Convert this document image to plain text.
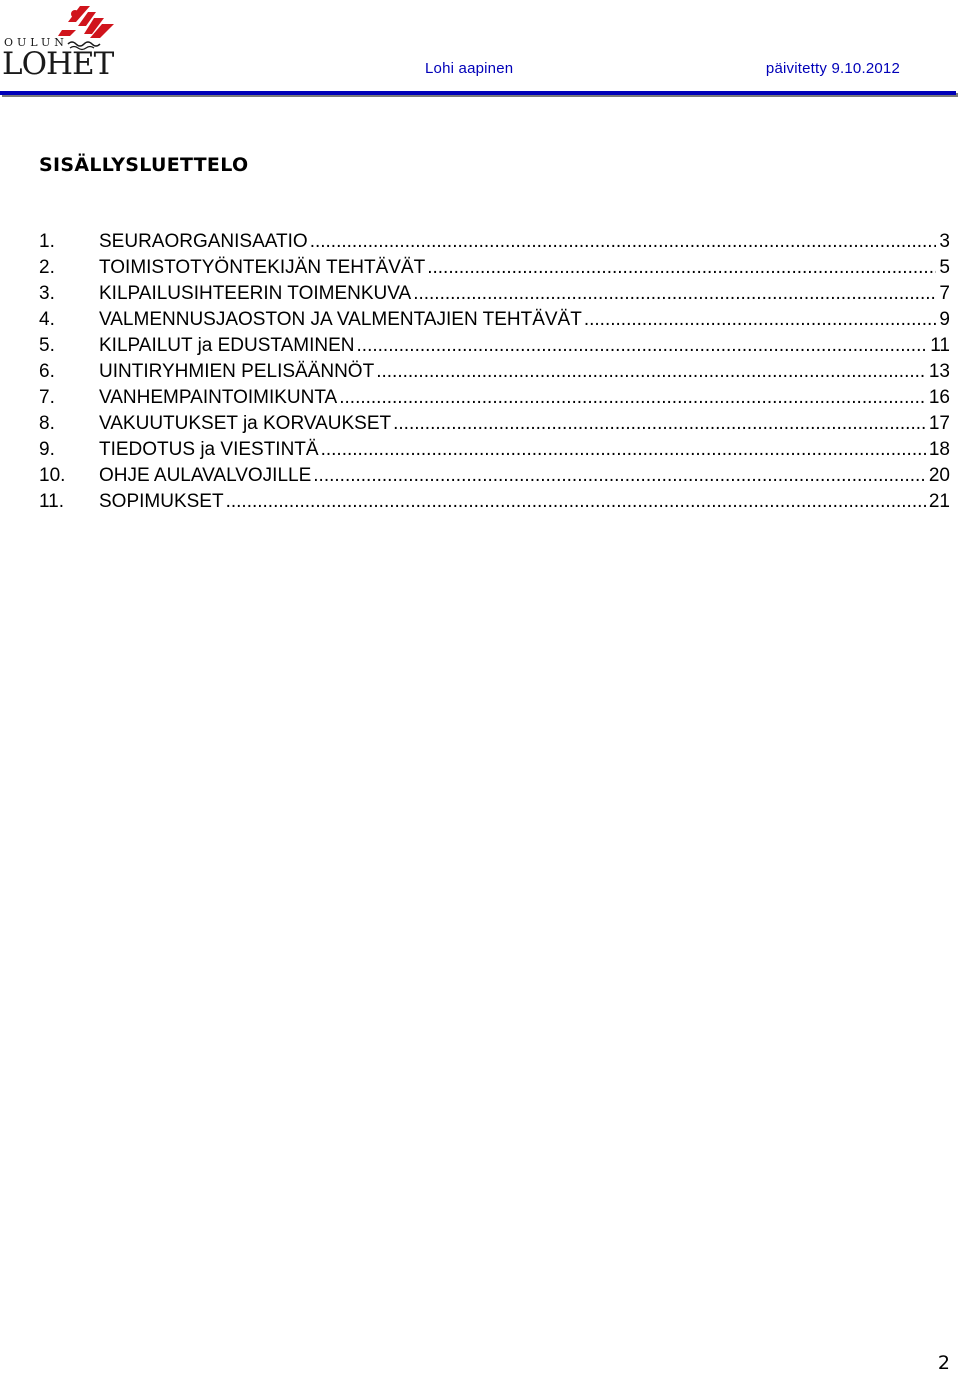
OULUN
LOHET	Lohi aapinen	päivitetty 9.10.2012
SISÄLLYSLUETTELO
1.	SEURAORGANISAATIO .....	3
2.	TOIMISTOTYÖNTEKIJÄN TEHTÄVÄT .....	5
3.	KILPAILUSIHTEERIN TOIMENKUVA .....	7
4.	VALMENNUSJAOSTON JA VALMENTAJIEN TEHTÄVÄT .....	9
5.	KILPAILUT ja EDUSTAMINEN .....	11
6.	UINTIRYHMIEN PELISÄÄNNÖT .....	13
7.	VANHEMPAINTOIMIKUNTA .....	16
8.	VAKUUTUKSET ja KORVAUKSET .....	17
9.	TIEDOTUS ja VIESTINTÄ .....	18
10.	OHJE AULAVALVOJILLE .....	20
11.	SOPIMUKSET .....	21
2
